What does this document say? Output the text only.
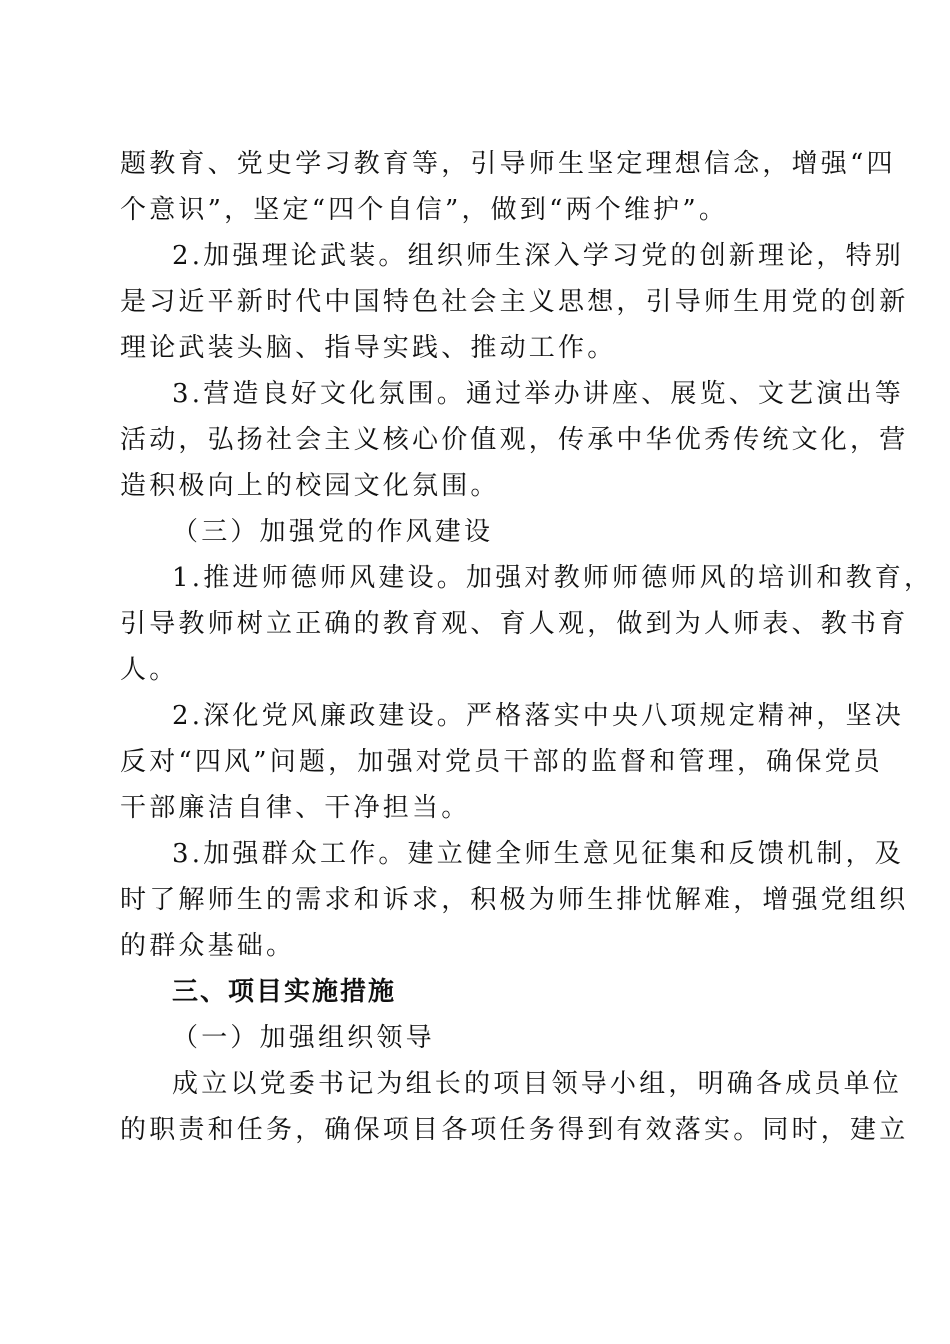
题教育、党史学习教育等，引导师生坚定理想信念，增强“四
个意识”，坚定“四个自信”，做到“两个维护”。
2.加强理论武装。组织师生深入学习党的创新理论，特别
是习近平新时代中国特色社会主义思想，引导师生用党的创新
理论武装头脑、指导实践、推动工作。
3.营造良好文化氛围。通过举办讲座、展览、文艺演出等
活动，弘扬社会主义核心价值观，传承中华优秀传统文化，营
造积极向上的校园文化氛围。
（三）加强党的作风建设
1.推进师德师风建设。加强对教师师德师风的培训和教育，
引导教师树立正确的教育观、育人观，做到为人师表、教书育
人。
2.深化党风廉政建设。严格落实中央八项规定精神，坚决
反对“四风”问题，加强对党员干部的监督和管理，确保党员
干部廉洁自律、干净担当。
3.加强群众工作。建立健全师生意见征集和反馈机制，及
时了解师生的需求和诉求，积极为师生排忧解难，增强党组织
的群众基础。
三、项目实施措施
（一）加强组织领导
成立以党委书记为组长的项目领导小组，明确各成员单位
的职责和任务，确保项目各项任务得到有效落实。同时，建立
